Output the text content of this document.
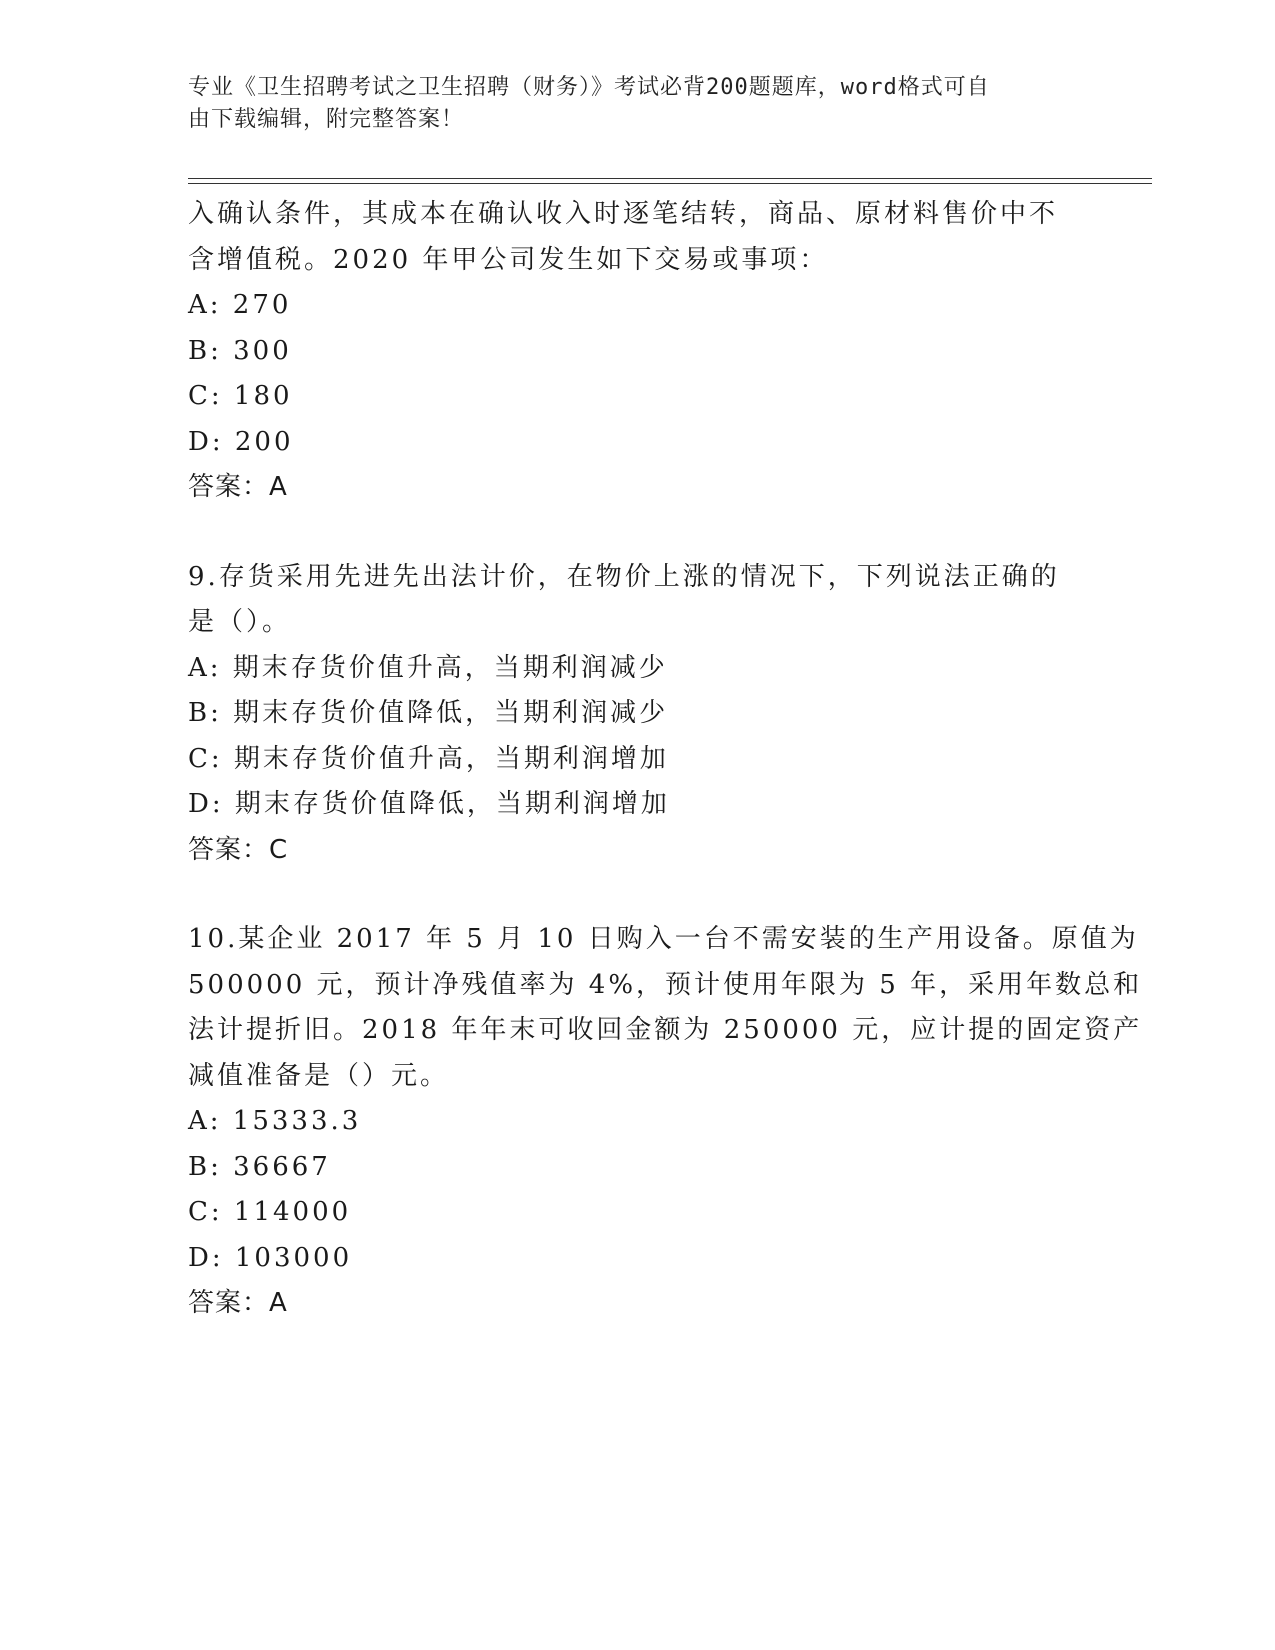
专业《卫生招聘考试之卫生招聘（财务）》考试必背200题题库，word格式可自
由下载编辑，附完整答案！
入确认条件，其成本在确认收入时逐笔结转，商品、原材料售价中不
含增值税。2020 年甲公司发生如下交易或事项：
A: 270
B: 300
C: 180
D: 200
答案：A
9.存货采用先进先出法计价，在物价上涨的情况下，下列说法正确的
是（）。
A: 期末存货价值升高，当期利润减少
B: 期末存货价值降低，当期利润减少
C: 期末存货价值升高，当期利润增加
D: 期末存货价值降低，当期利润增加
答案：C
10.某企业 2017 年 5 月 10 日购入一台不需安装的生产用设备。原值为
500000 元，预计净残值率为 4%，预计使用年限为 5 年，采用年数总和
法计提折旧。2018 年年末可收回金额为 250000 元，应计提的固定资产
减值准备是（）元。
A: 15333.3
B: 36667
C: 114000
D: 103000
答案：A
